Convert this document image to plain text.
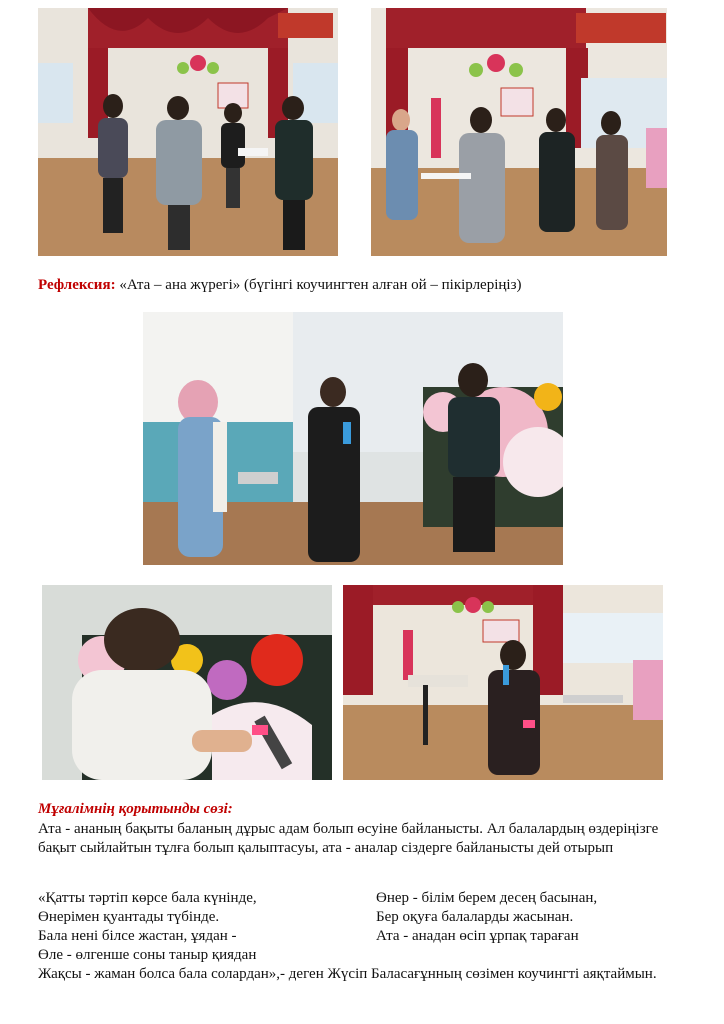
Рефлексия: «Ата – ана жүрегі» (бүгінгі коучингтен алған ой – пікірлеріңіз)
Мұғалімнің қорытынды сөзі:
Ата - ананың бақыты баланың дұрыс адам болып өсуіне байланысты. Ал балалардың өздеріңізге бақыт сыйлайтын тұлға болып қалыптасуы, ата - аналар сіздерге байланысты дей отырып
«Қатты тәртіп көрсе бала күнінде,
Өнерімен қуантады түбінде.
Бала нені білсе жастан, ұядан -
Өле - өлгенше соны таныр қиядан
Өнер - білім берем десең басынан,
Бер оқуға балаларды жасынан.
Ата - анадан өсіп ұрпақ тараған
Жақсы - жаман болса бала солардан»,- деген Жүсіп Баласағұнның сөзімен коучингті аяқтаймын.
